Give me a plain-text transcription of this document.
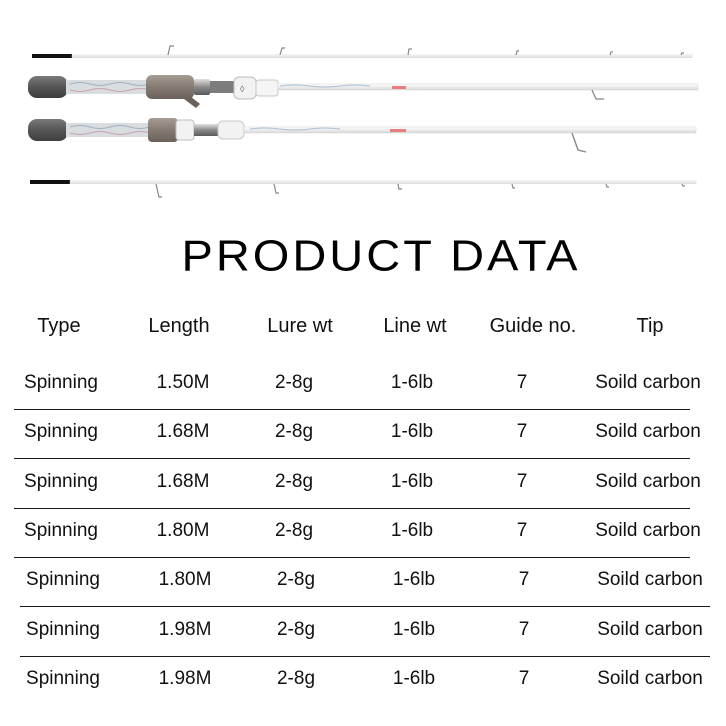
◊
PRODUCT DATA
Type	Length	Lure wt	Line wt	Guide no.	Tip
Spinning	1.50M	2-8g	1-6lb	7	Soild carbon
Spinning	1.68M	2-8g	1-6lb	7	Soild carbon
Spinning	1.68M	2-8g	1-6lb	7	Soild carbon
Spinning	1.80M	2-8g	1-6lb	7	Soild carbon
Spinning	1.80M	2-8g	1-6lb	7	Soild carbon
Spinning	1.98M	2-8g	1-6lb	7	Soild carbon
Spinning	1.98M	2-8g	1-6lb	7	Soild carbon
